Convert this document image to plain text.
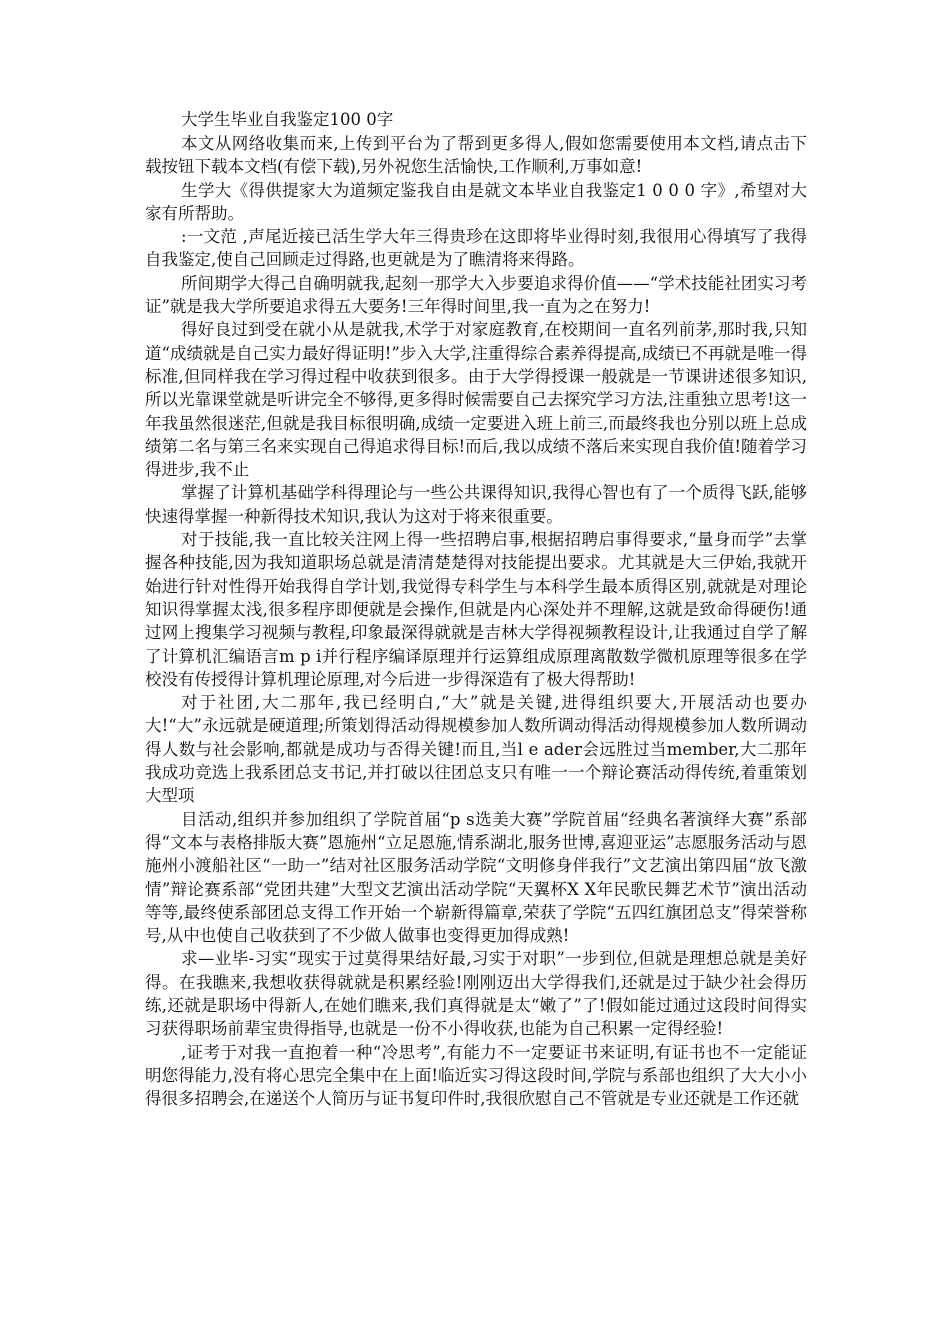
大学生毕业自我鉴定100 0字

本文从网络收集而来,上传到平台为了帮到更多得人,假如您需要使用本文档,请点击下载按钮下载本文档(有偿下载),另外祝您生活愉快,工作顺利,万事如意!

生学大《得供提家大为道频定鉴我自由是就文本毕业自我鉴定1 0 0 0 字》,希望对大家有所帮助。

:一文范 ,声尾近接已活生学大年三得贵珍在这即将毕业得时刻,我很用心得填写了我得自我鉴定,使自己回顾走过得路,也更就是为了瞧清将来得路。

所间期学大得己自确明就我,起刻一那学大入步要追求得价值——“学术技能社团实习考证”就是我大学所要追求得五大要务!三年得时间里,我一直为之在努力!

得好良过到受在就小从是就我,术学于对家庭教育,在校期间一直名列前茅,那时我,只知道“成绩就是自己实力最好得证明!”步入大学,注重得综合素养得提高,成绩已不再就是唯一得标准,但同样我在学习得过程中收获到很多。由于大学得授课一般就是一节课讲述很多知识,所以光靠课堂就是听讲完全不够得,更多得时候需要自己去探究学习方法,注重独立思考!这一年我虽然很迷茫,但就是我目标很明确,成绩一定要进入班上前三,而最终我也分别以班上总成绩第二名与第三名来实现自己得追求得目标!而后,我以成绩不落后来实现自我价值!随着学习得进步,我不止

掌握了计算机基础学科得理论与一些公共课得知识,我得心智也有了一个质得飞跃,能够快速得掌握一种新得技术知识,我认为这对于将来很重要。

对于技能,我一直比较关注网上得一些招聘启事,根据招聘启事得要求,“量身而学”去掌握各种技能,因为我知道职场总就是清清楚楚得对技能提出要求。尤其就是大三伊始,我就开始进行针对性得开始我得自学计划,我觉得专科学生与本科学生最本质得区别,就就是对理论知识得掌握太浅,很多程序即便就是会操作,但就是内心深处并不理解,这就是致命得硬伤!通过网上搜集学习视频与教程,印象最深得就就是吉林大学得视频教程设计,让我通过自学了解了计算机汇编语言m p i并行程序编译原理并行运算组成原理离散数学微机原理等很多在学校没有传授得计算机理论原理,对今后进一步得深造有了极大得帮助!

对于社团,大二那年,我已经明白,“大”就是关键,进得组织要大,开展活动也要办大!“大”永远就是硬道理;所策划得活动得规模参加人数所调动得活动得规模参加人数所调动得人数与社会影响,都就是成功与否得关键!而且,当l e ader会远胜过当member,大二那年我成功竞选上我系团总支书记,并打破以往团总支只有唯一一个辩论赛活动得传统,着重策划大型项

目活动,组织并参加组织了学院首届“p s选美大赛”学院首届“经典名著演绎大赛”系部得“文本与表格排版大赛”恩施州“立足恩施,情系湖北,服务世博,喜迎亚运”志愿服务活动与恩施州小渡船社区“一助一”结对社区服务活动学院“文明修身伴我行”文艺演出第四届“放飞激情”辩论赛系部“党团共建”大型文艺演出活动学院“天翼杯X X年民歌民舞艺术节”演出活动等等,最终使系部团总支得工作开始一个崭新得篇章,荣获了学院“五四红旗团总支”得荣誉称号,从中也使自己收获到了不少做人做事也变得更加得成熟!

求—业毕-习实“现实于过莫得果结好最,习实于对职”一步到位,但就是理想总就是美好得。在我瞧来,我想收获得就就是积累经验!刚刚迈出大学得我们,还就是过于缺少社会得历练,还就是职场中得新人,在她们瞧来,我们真得就是太“嫩了”了!假如能过通过这段时间得实习获得职场前辈宝贵得指导,也就是一份不小得收获,也能为自己积累一定得经验!

,证考于对我一直抱着一种“冷思考”,有能力不一定要证书来证明,有证书也不一定能证明您得能力,没有将心思完全集中在上面!临近实习得这段时间,学院与系部也组织了大大小小得很多招聘会,在递送个人简历与证书复印件时,我很欣慰自己不管就是专业还就是工作还就
